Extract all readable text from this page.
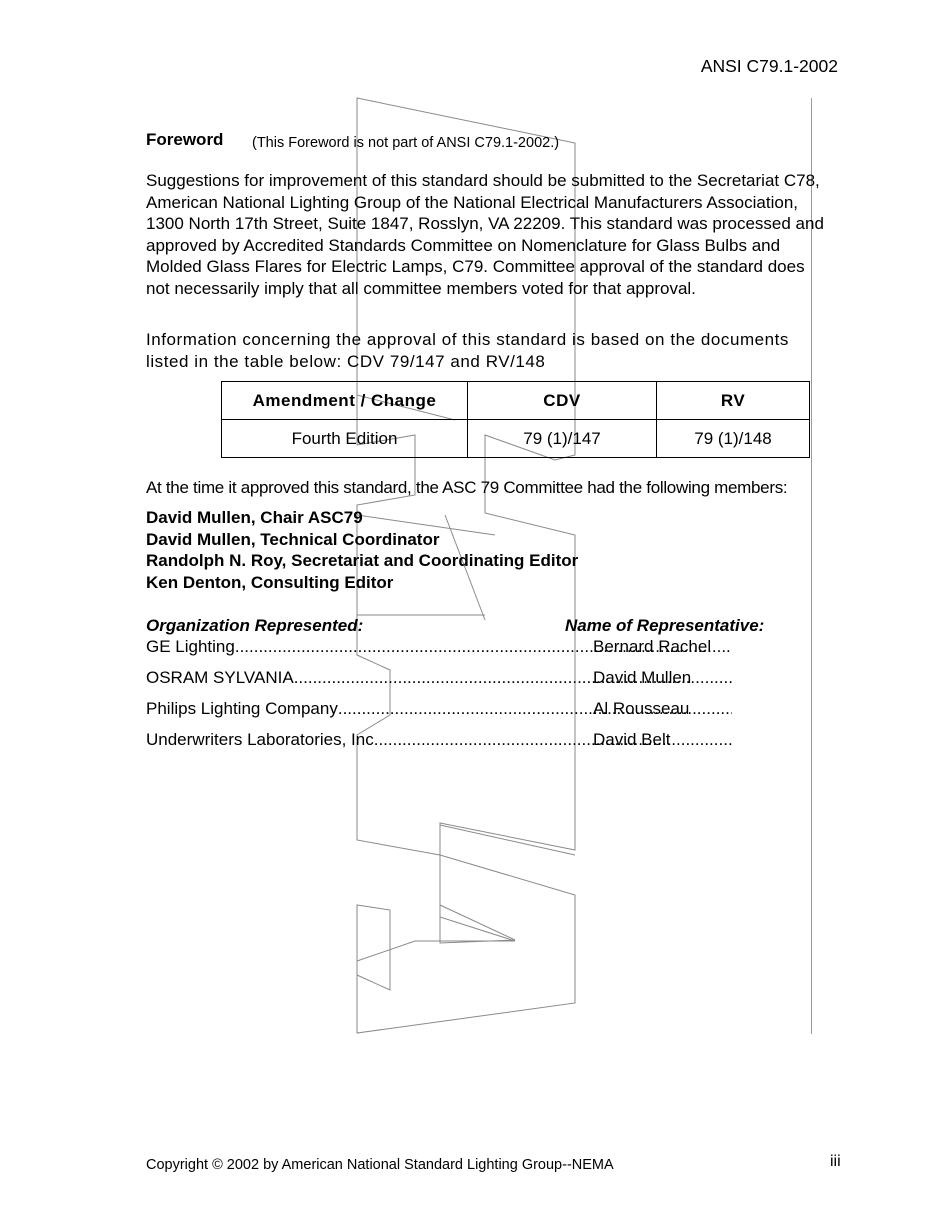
ANSI C79.1-2002
Foreword (This Foreword is not part of ANSI C79.1-2002.)
Suggestions for improvement of this standard should be submitted to the Secretariat C78, American National Lighting Group of the National Electrical Manufacturers Association, 1300 North 17th Street, Suite 1847, Rosslyn, VA 22209. This standard was processed and approved by Accredited Standards Committee on Nomenclature for Glass Bulbs and Molded Glass Flares for Electric Lamps, C79. Committee approval of the standard does not necessarily imply that all committee members voted for that approval.
Information concerning the approval of this standard is based on the documents listed in the table below: CDV 79/147 and RV/148
Amendment / Change	CDV	RV
Fourth Edition	79 (1)/147	79 (1)/148
At the time it approved this standard, the ASC 79 Committee had the following members:
David Mullen, Chair ASC79
David Mullen, Technical Coordinator
Randolph N. Roy, Secretariat and Coordinating Editor
Ken Denton, Consulting Editor
Organization Represented:	Name of Representative:
GE Lighting .....	Bernard Rachel
OSRAM SYLVANIA .....	David Mullen
Philips Lighting Company .....	Al Rousseau
Underwriters Laboratories, Inc. .....	David Belt
Copyright © 2002 by American National Standard Lighting Group--NEMA	iii
